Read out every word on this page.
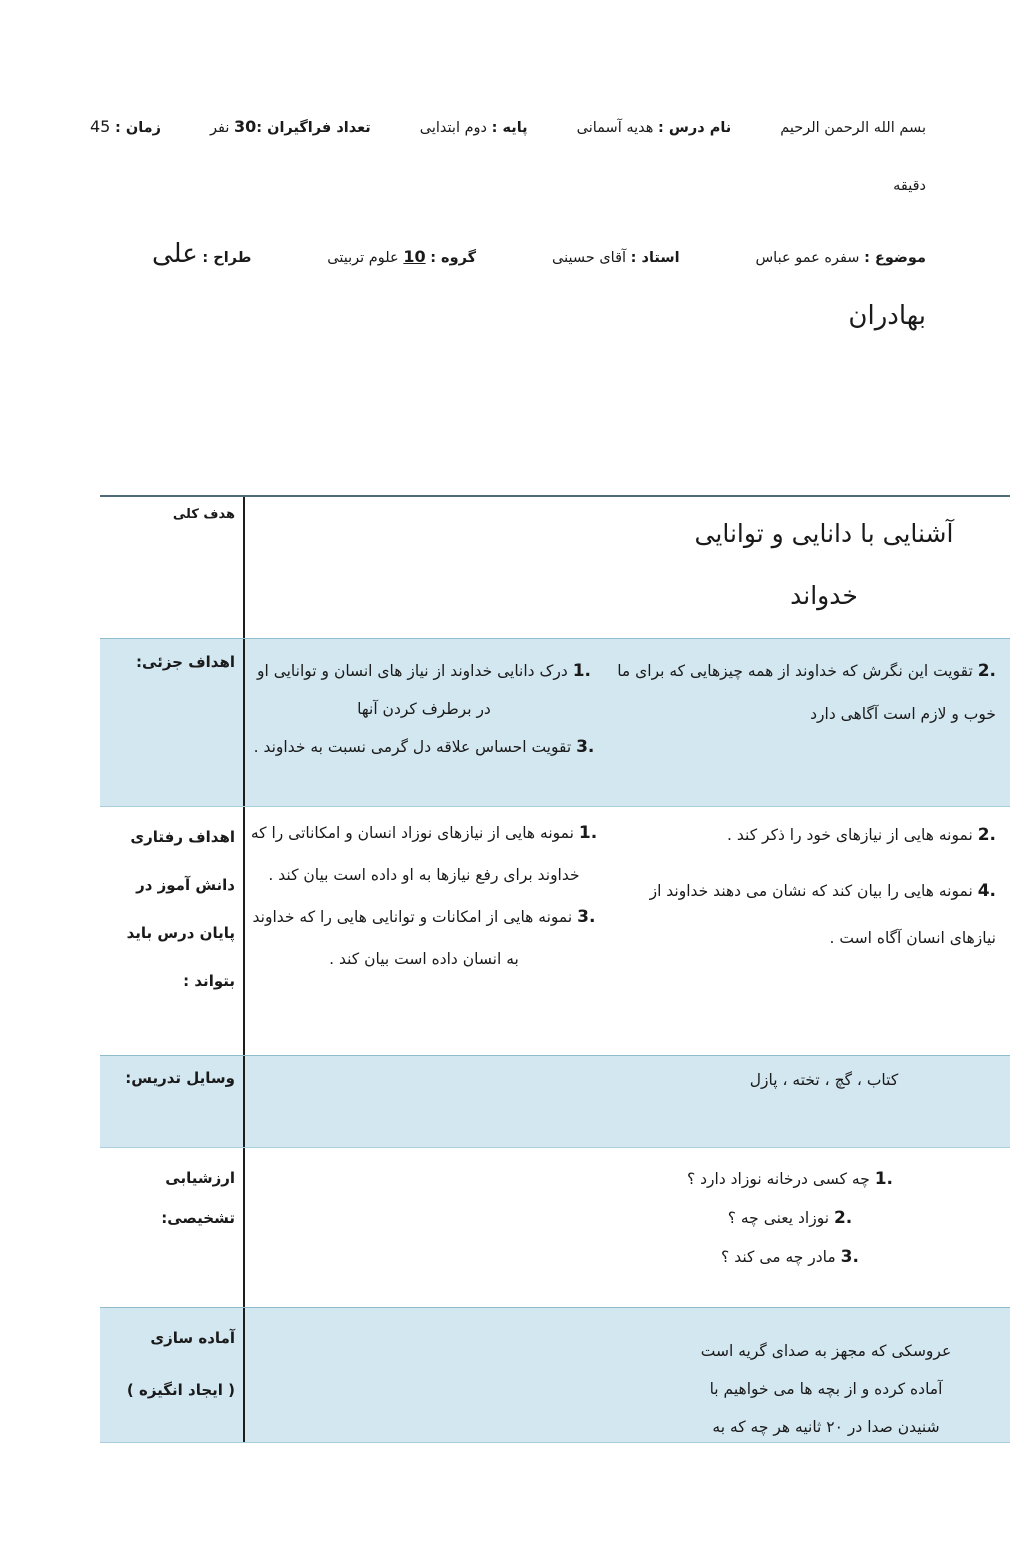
بسم الله الرحمن الرحیم
نام درس : هدیه آسمانی
پایه : دوم ابتدایی
تعداد فراگیران :30 نفر
زمان : 45
دقیقه
موضوع : سفره عمو عباس
استاد : آقای حسینی
گروه : 10 علوم تربیتی
طراح : علی
بهادران
هدف کلی
آشنایی با دانایی و توانایی
خدواند
اهداف جزئی:	1. درک دانایی خداوند از نیاز های انسان و توانایی او در برطرف کردن آنها
3. تقویت احساس علاقه دل گرمی نسبت به خداوند .
2. تقویت این نگرش که خداوند از همه چیزهایی که برای ما خوب و لازم است آگاهی دارد
اهداف رفتاری
دانش آموز در
پایان درس باید
بتواند :
1. نمونه هایی از نیازهای نوزاد انسان و امکاناتی را که خداوند برای رفع نیازها به او داده است بیان کند .
3. نمونه هایی از امکانات و توانایی هایی را که خداوند به انسان داده است بیان کند .
2. نمونه هایی از نیازهای خود را ذکر کند .
4. نمونه هایی را بیان کند که نشان می دهند خداوند از نیازهای انسان آگاه است .
وسایل تدریس:	کتاب ، گچ ، تخته ، پازل
ارزشیابی
تشخیصی:
1. چه کسی درخانه نوزاد دارد ؟
2. نوزاد یعنی چه ؟
3. مادر چه می کند ؟
آماده سازی
( ایجاد انگیزه )
عروسکی که مجهز به صدای گریه است
آماده کرده و از بچه ها می خواهیم با
شنیدن صدا در ۲۰ ثانیه هر چه که به
